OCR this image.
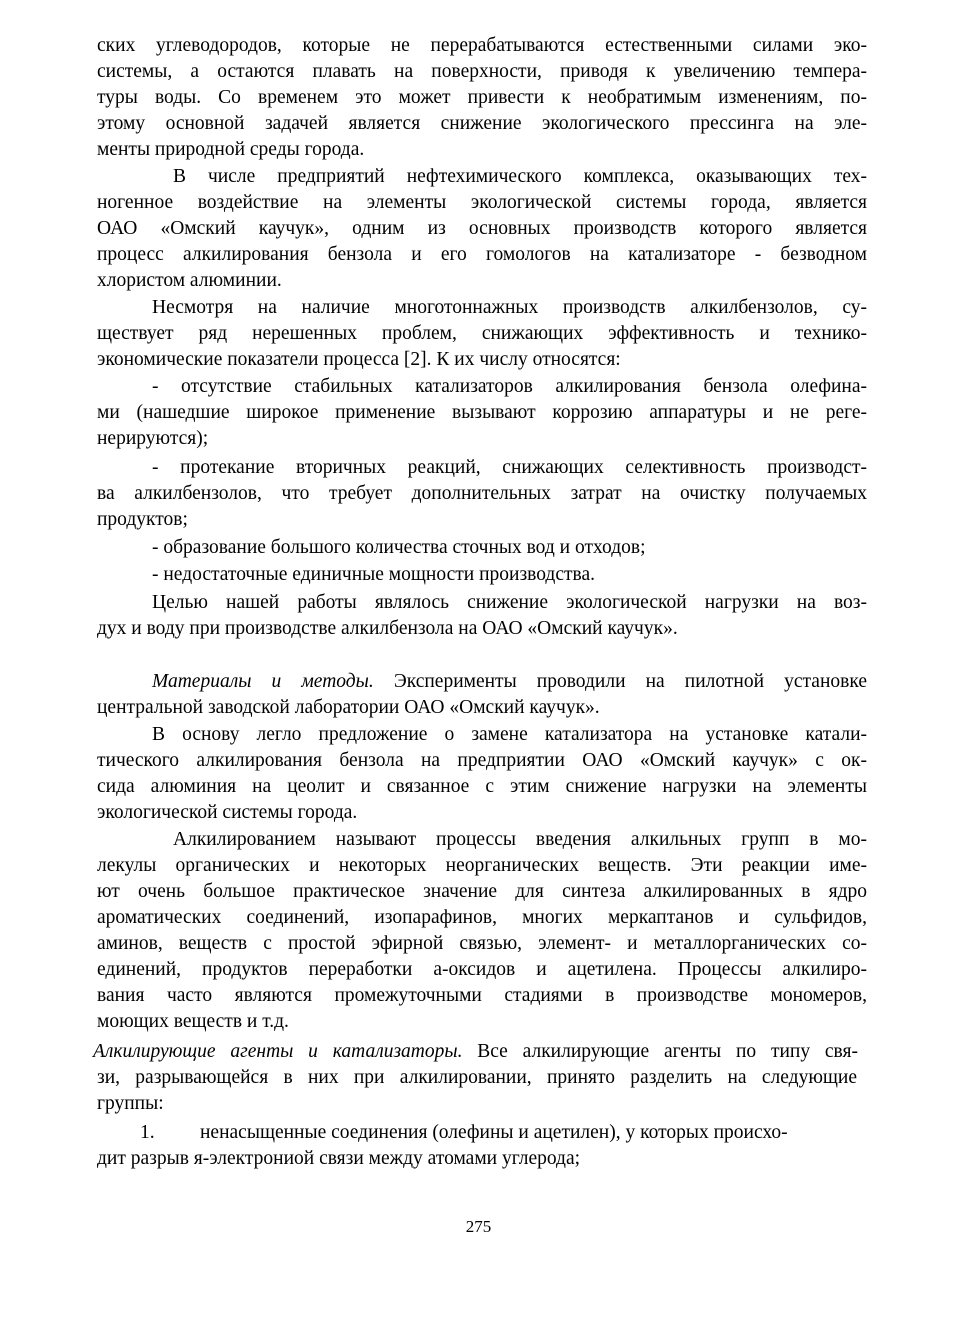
ских углеводородов, которые не перерабатываются естественными силами эко-
системы, а остаются плавать на поверхности, приводя к увеличению темпера-
туры воды. Со временем это может привести к необратимым изменениям, по-
этому основной задачей является снижение экологического прессинга на эле-
менты природной среды города.
В числе предприятий нефтехимического комплекса, оказывающих тех-
ногенное воздействие на элементы экологической системы города, является
ОАО «Омский каучук», одним из основных производств которого является
процесс алкилирования бензола и его гомологов на катализаторе - безводном
хлористом алюминии.
Несмотря на наличие многотоннажных производств алкилбензолов, су-
ществует ряд нерешенных проблем, снижающих эффективность и технико-
экономические показатели процесса [2]. К их числу относятся:
- отсутствие стабильных катализаторов алкилирования бензола олефина-
ми (нашедшие широкое применение вызывают коррозию аппаратуры и не реге-
нерируются);
- протекание вторичных реакций, снижающих селективность производст-
ва алкилбензолов, что требует дополнительных затрат на очистку получаемых
продуктов;
- образование большого количества сточных вод и отходов;
- недостаточные единичные мощности производства.
Целью нашей работы являлось снижение экологической нагрузки на воз-
дух и воду при производстве алкилбензола на ОАО «Омский каучук».
Материалы и методы. Эксперименты проводили на пилотной установке
центральной заводской лаборатории ОАО «Омский каучук».
В основу легло предложение о замене катализатора на установке катали-
тического алкилирования бензола на предприятии ОАО «Омский каучук» с ок-
сида алюминия на цеолит и связанное с этим снижение нагрузки на элементы
экологической системы города.
Алкилированием называют процессы введения алкильных групп в мо-
лекулы органических и некоторых неорганических веществ. Эти реакции име-
ют очень большое практическое значение для синтеза алкилированных в ядро
ароматических соединений, изопарафинов, многих меркаптанов и сульфидов,
аминов, веществ с простой эфирной связью, элемент- и металлорганических со-
единений, продуктов переработки а-оксидов и ацетилена. Процессы алкилиро-
вания часто являются промежуточными стадиями в производстве мономеров,
моющих веществ и т.д.
Алкилирующие агенты и катализаторы. Все алкилирующие агенты по типу свя-
зи, разрывающейся в них при алкилировании, принято разделить на следующие
группы:
1. ненасыщенные соединения (олефины и ацетилен), у которых происхо-
дит разрыв я-электрониой связи между атомами углерода;
275
